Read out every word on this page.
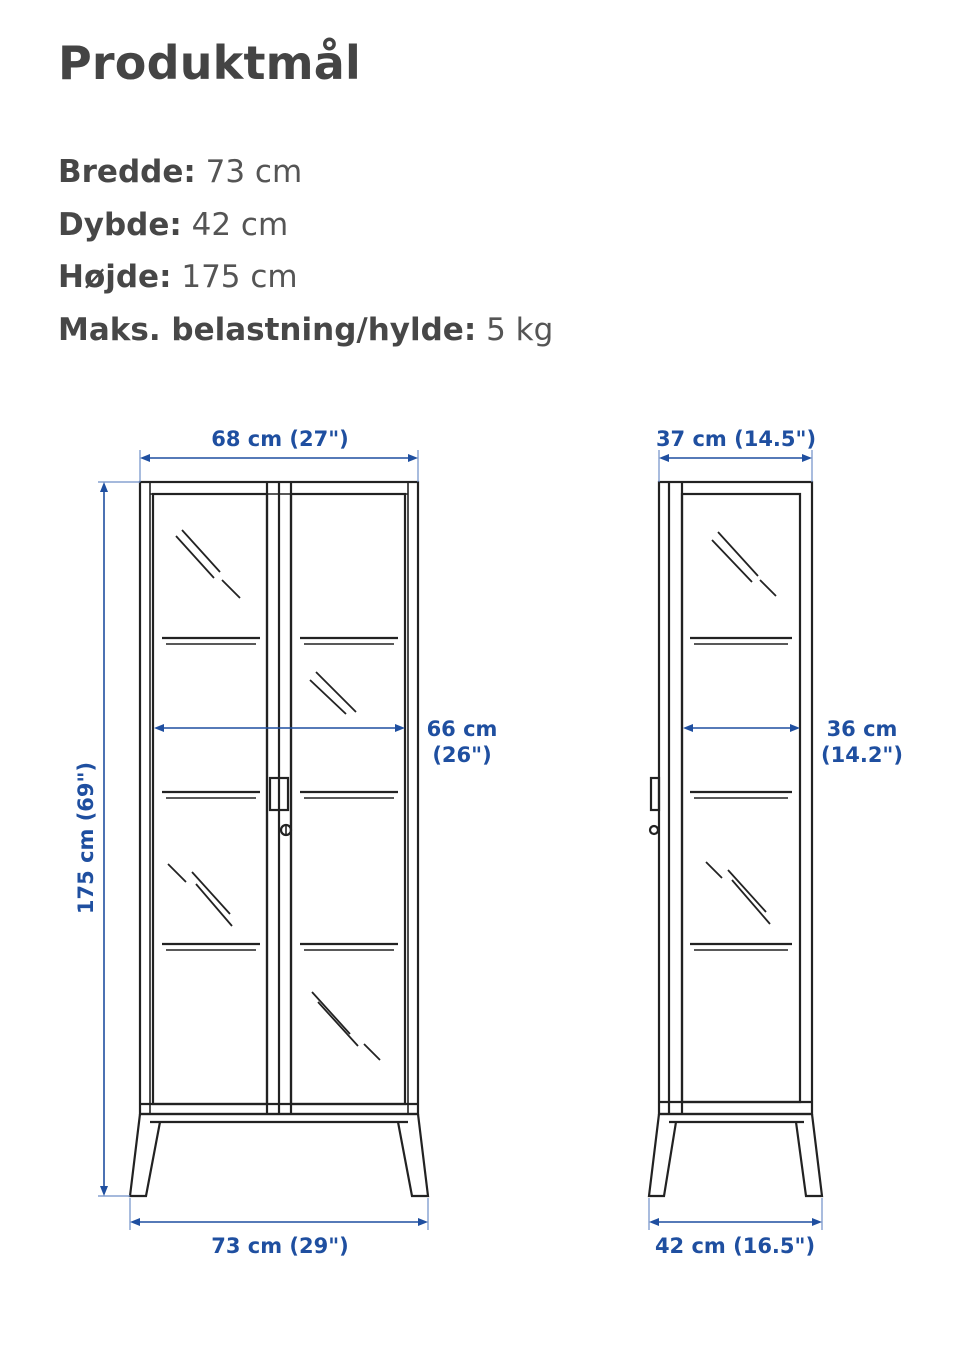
Produktmål
Bredde: 73 cm
Dybde: 42 cm
Højde: 175 cm
Maks. belastning/hylde: 5 kg
68 cm (27")
66 cm
(26")
175 cm (69")
73 cm (29")
37 cm (14.5")
36 cm
(14.2")
42 cm (16.5")
